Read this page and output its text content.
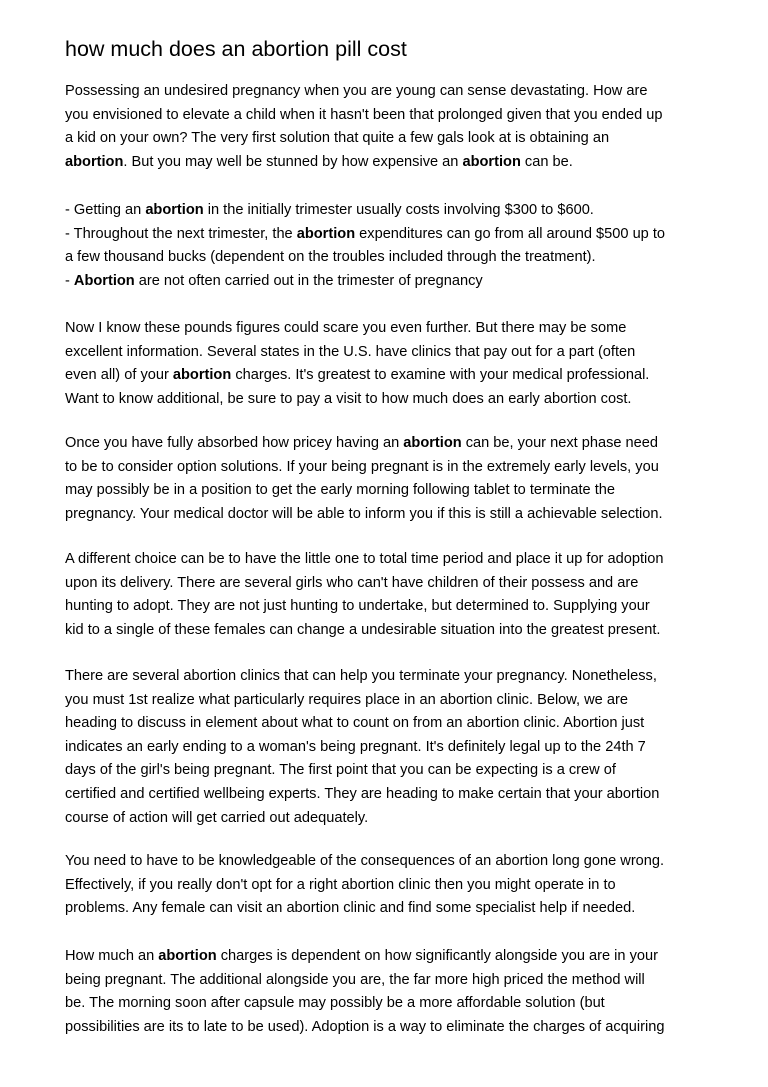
how much does an abortion pill cost
Possessing an undesired pregnancy when you are young can sense devastating. How are
you envisioned to elevate a child when it hasn't been that prolonged given that you ended up
a kid on your own? The very first solution that quite a few gals look at is obtaining an
abortion. But you may well be stunned by how expensive an abortion can be.
- Getting an abortion in the initially trimester usually costs involving $300 to $600.
- Throughout the next trimester, the abortion expenditures can go from all around $500 up to
a few thousand bucks (dependent on the troubles included through the treatment).
- Abortion are not often carried out in the trimester of pregnancy
Now I know these pounds figures could scare you even further. But there may be some
excellent information. Several states in the U.S. have clinics that pay out for a part (often
even all) of your abortion charges. It's greatest to examine with your medical professional.
Want to know additional, be sure to pay a visit to how much does an early abortion cost.
Once you have fully absorbed how pricey having an abortion can be, your next phase need
to be to consider option solutions. If your being pregnant is in the extremely early levels, you
may possibly be in a position to get the early morning following tablet to terminate the
pregnancy. Your medical doctor will be able to inform you if this is still a achievable selection.
A different choice can be to have the little one to total time period and place it up for adoption
upon its delivery. There are several girls who can't have children of their possess and are
hunting to adopt. They are not just hunting to undertake, but determined to. Supplying your
kid to a single of these females can change a undesirable situation into the greatest present.
There are several abortion clinics that can help you terminate your pregnancy. Nonetheless,
you must 1st realize what particularly requires place in an abortion clinic. Below, we are
heading to discuss in element about what to count on from an abortion clinic. Abortion just
indicates an early ending to a woman's being pregnant. It's definitely legal up to the 24th 7
days of the girl's being pregnant. The first point that you can be expecting is a crew of
certified and certified wellbeing experts. They are heading to make certain that your abortion
course of action will get carried out adequately.
You need to have to be knowledgeable of the consequences of an abortion long gone wrong.
Effectively, if you really don't opt for a right abortion clinic then you might operate in to
problems. Any female can visit an abortion clinic and find some specialist help if needed.
How much an abortion charges is dependent on how significantly alongside you are in your
being pregnant. The additional alongside you are, the far more high priced the method will
be. The morning soon after capsule may possibly be a more affordable solution (but
possibilities are its to late to be used). Adoption is a way to eliminate the charges of acquiring
